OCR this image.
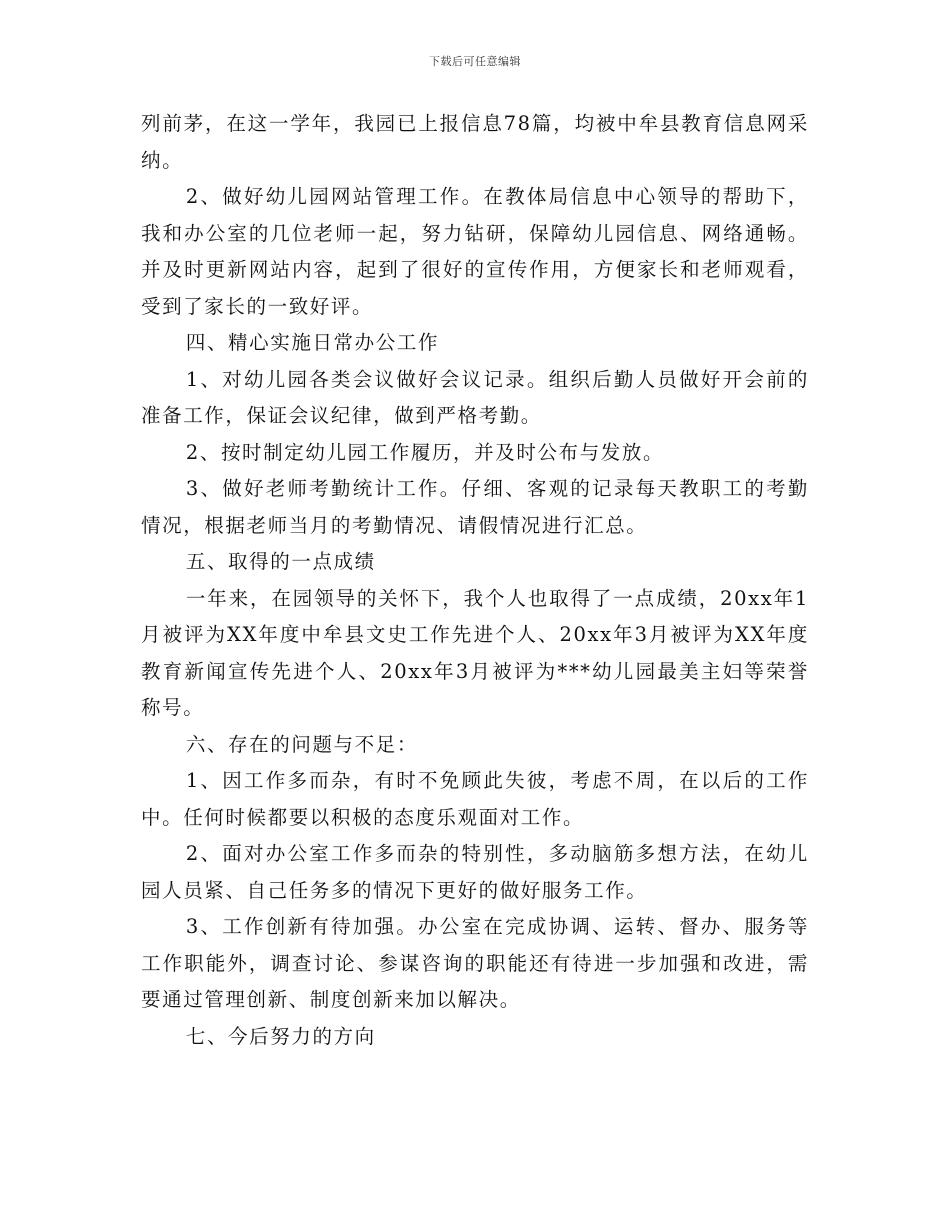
下载后可任意编辑

列前茅，在这一学年，我园已上报信息78篇，均被中牟县教育信息网采纳。

2、做好幼儿园网站管理工作。在教体局信息中心领导的帮助下，我和办公室的几位老师一起，努力钻研，保障幼儿园信息、网络通畅。并及时更新网站内容，起到了很好的宣传作用，方便家长和老师观看，受到了家长的一致好评。

四、精心实施日常办公工作

1、对幼儿园各类会议做好会议记录。组织后勤人员做好开会前的准备工作，保证会议纪律，做到严格考勤。

2、按时制定幼儿园工作履历，并及时公布与发放。

3、做好老师考勤统计工作。仔细、客观的记录每天教职工的考勤情况，根据老师当月的考勤情况、请假情况进行汇总。

五、取得的一点成绩

一年来，在园领导的关怀下，我个人也取得了一点成绩，20xx年1月被评为XX年度中牟县文史工作先进个人、20xx年3月被评为XX年度教育新闻宣传先进个人、20xx年3月被评为***幼儿园最美主妇等荣誉称号。

六、存在的问题与不足：

1、因工作多而杂，有时不免顾此失彼，考虑不周，在以后的工作中。任何时候都要以积极的态度乐观面对工作。

2、面对办公室工作多而杂的特别性，多动脑筋多想方法，在幼儿园人员紧、自己任务多的情况下更好的做好服务工作。

3、工作创新有待加强。办公室在完成协调、运转、督办、服务等工作职能外，调查讨论、参谋咨询的职能还有待进一步加强和改进，需要通过管理创新、制度创新来加以解决。

七、今后努力的方向
